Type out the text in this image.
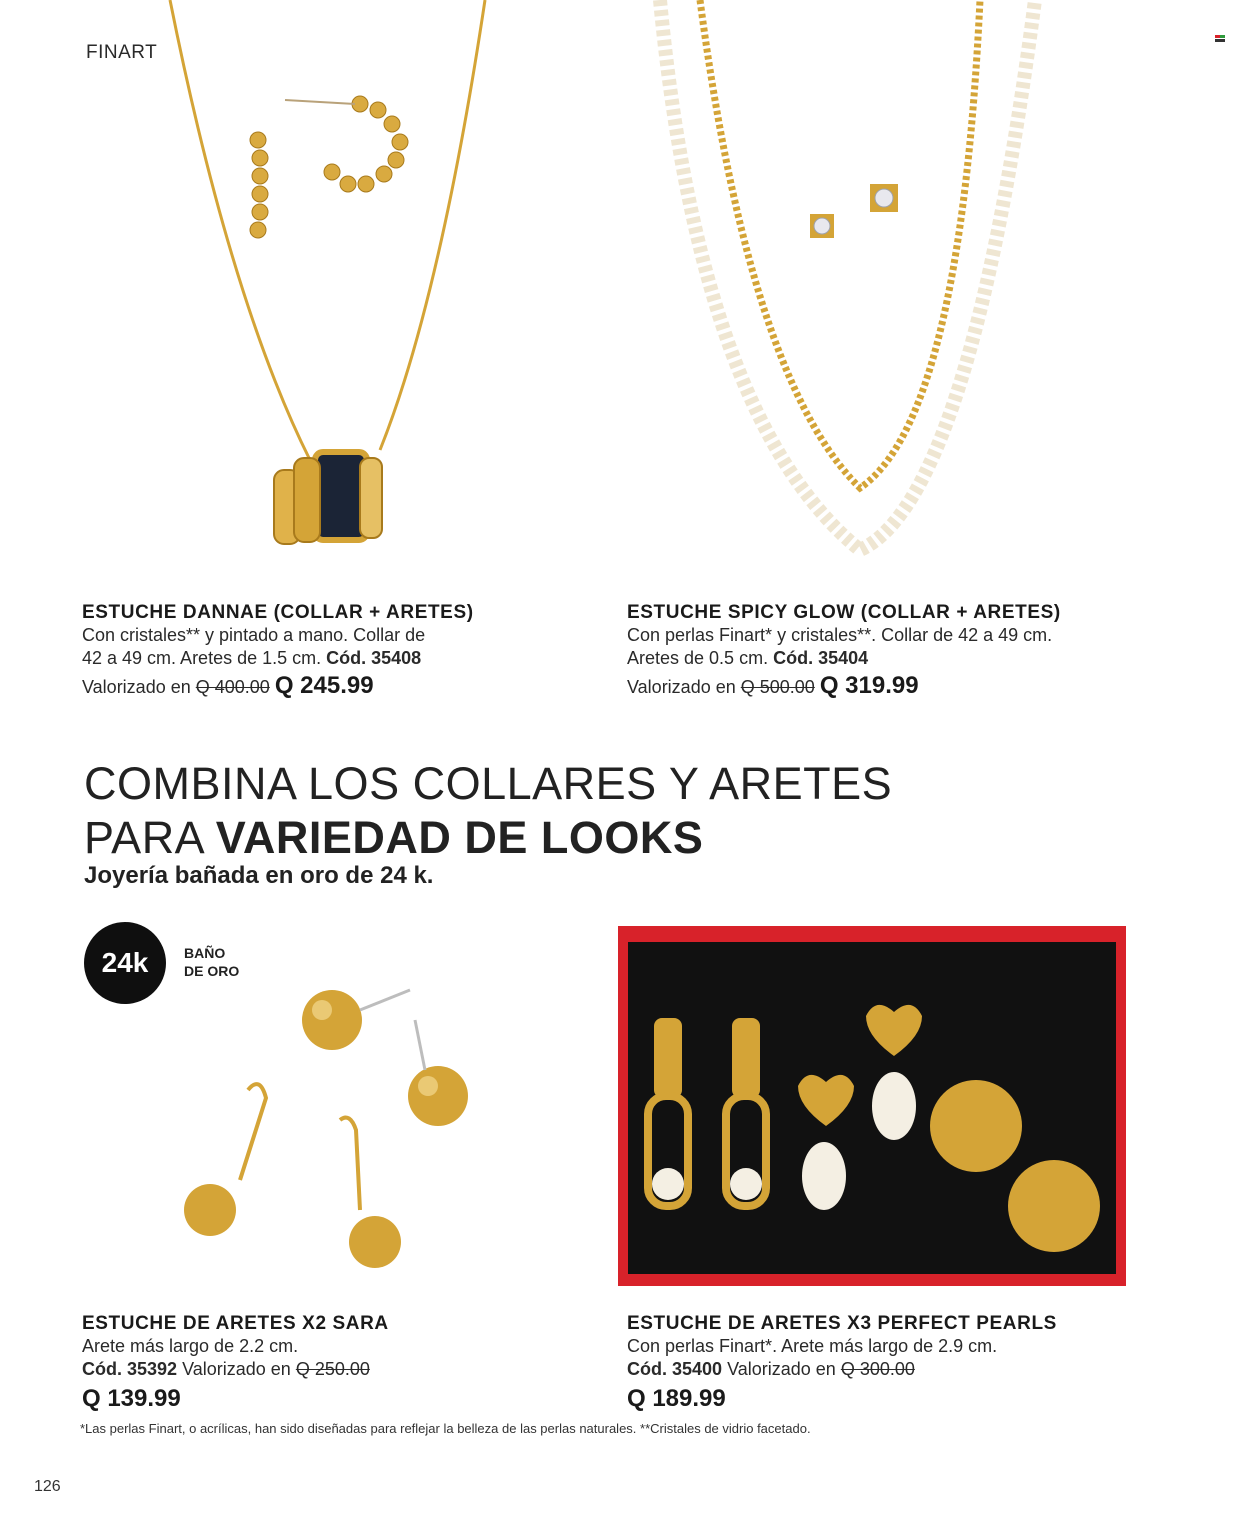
FINART
ESTUCHE DANNAE (COLLAR + ARETES)
Con cristales** y pintado a mano. Collar de
42 a 49 cm. Aretes de 1.5 cm. Cód. 35408
Valorizado en Q 400.00 Q 245.99
ESTUCHE SPICY GLOW (COLLAR + ARETES)
Con perlas Finart* y cristales**. Collar de 42 a 49 cm.
Aretes de 0.5 cm. Cód. 35404
Valorizado en Q 500.00 Q 319.99
COMBINA LOS COLLARES Y ARETES
PARA VARIEDAD DE LOOKS
Joyería bañada en oro de 24 k.
24k	BAÑO
DE ORO
ESTUCHE DE ARETES X2 SARA
Arete más largo de 2.2 cm.
Cód. 35392 Valorizado en Q 250.00
Q 139.99
ESTUCHE DE ARETES X3 PERFECT PEARLS
Con perlas Finart*. Arete más largo de 2.9 cm.
Cód. 35400 Valorizado en Q 300.00
Q 189.99
*Las perlas Finart, o acrílicas, han sido diseñadas para reflejar la belleza de las perlas naturales. **Cristales de vidrio facetado.
126
